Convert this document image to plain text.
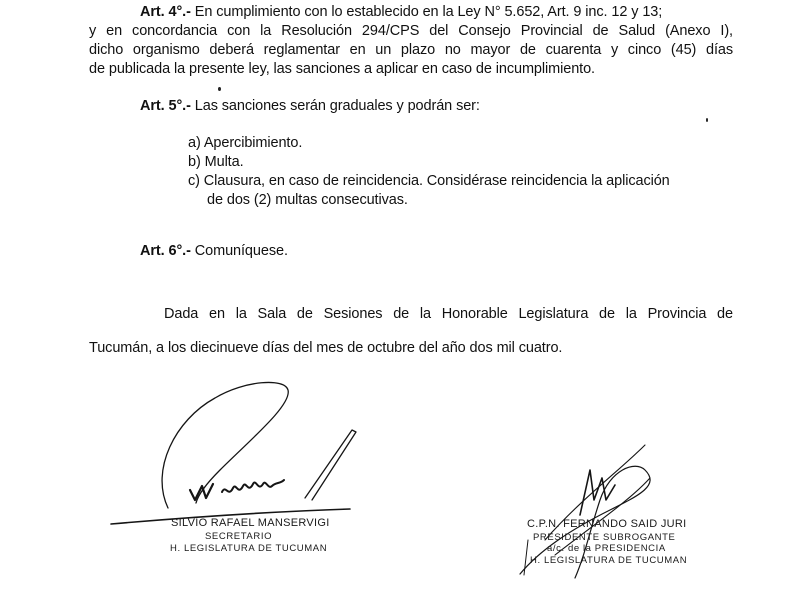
Art. 4°.- En cumplimiento con lo establecido en la Ley N° 5.652, Art. 9 inc. 12 y 13;
y en concordancia con la Resolución 294/CPS del Consejo Provincial de Salud (Anexo I),
dicho organismo deberá reglamentar en un plazo no mayor de cuarenta y cinco (45) días
de publicada la presente ley, las sanciones a aplicar en caso de incumplimiento.
Art. 5°.- Las sanciones serán graduales y podrán ser:
a) Apercibimiento.
b) Multa.
c) Clausura, en caso de reincidencia. Considérase reincidencia la aplicación
de dos (2) multas consecutivas.
Art. 6°.- Comuníquese.
Dada en la Sala de Sesiones de la Honorable Legislatura de la Provincia de
Tucumán, a los diecinueve días del mes de octubre del año dos mil cuatro.
SILVIO RAFAEL MANSERVIGI
SECRETARIO
H. LEGISLATURA DE TUCUMAN
C.P.N. FERNANDO SAID JURI
PRESIDENTE SUBROGANTE
a/c. de la PRESIDENCIA
H. LEGISLATURA DE TUCUMAN
